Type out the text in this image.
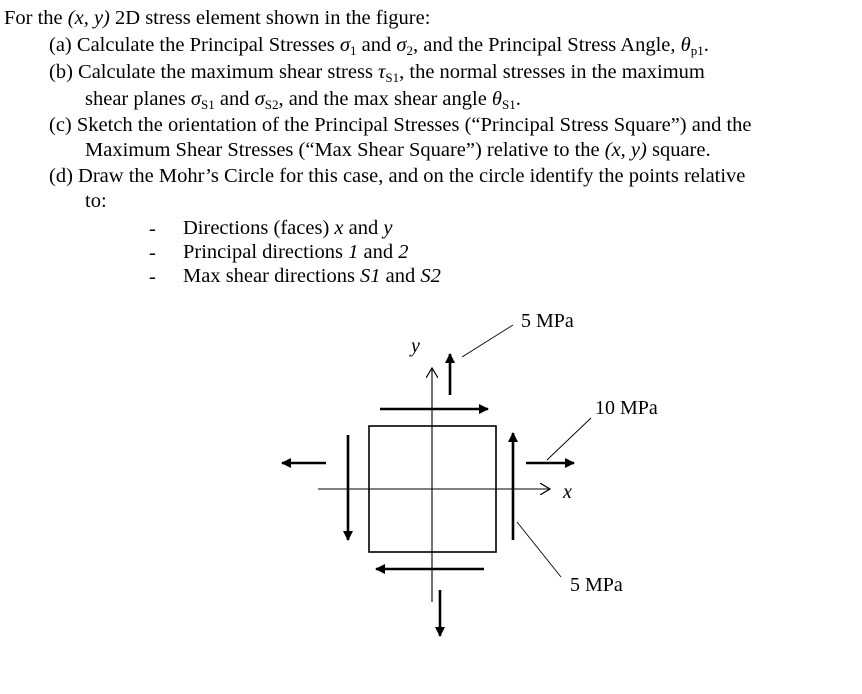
For the (x, y) 2D stress element shown in the figure:
(a) Calculate the Principal Stresses $\sigma_1$ and $\sigma_2$, and the Principal Stress Angle, $\theta_{p1}$.
(b) Calculate the maximum shear stress $\tau_{S1}$, the normal stresses in the maximum
shear planes $\sigma_{S1}$ and $\sigma_{S2}$, and the max shear angle $\theta_{S1}$.
(c) Sketch the orientation of the Principal Stresses (“Principal Stress Square”) and the
Maximum Shear Stresses (“Max Shear Square”) relative to the (x, y) square.
(d) Draw the Mohr’s Circle for this case, and on the circle identify the points relative
to:
- Directions (faces) x and y
- Principal directions 1 and 2
- Max shear directions S1 and S2
5 MPa
10 MPa
5 MPa
y
x
